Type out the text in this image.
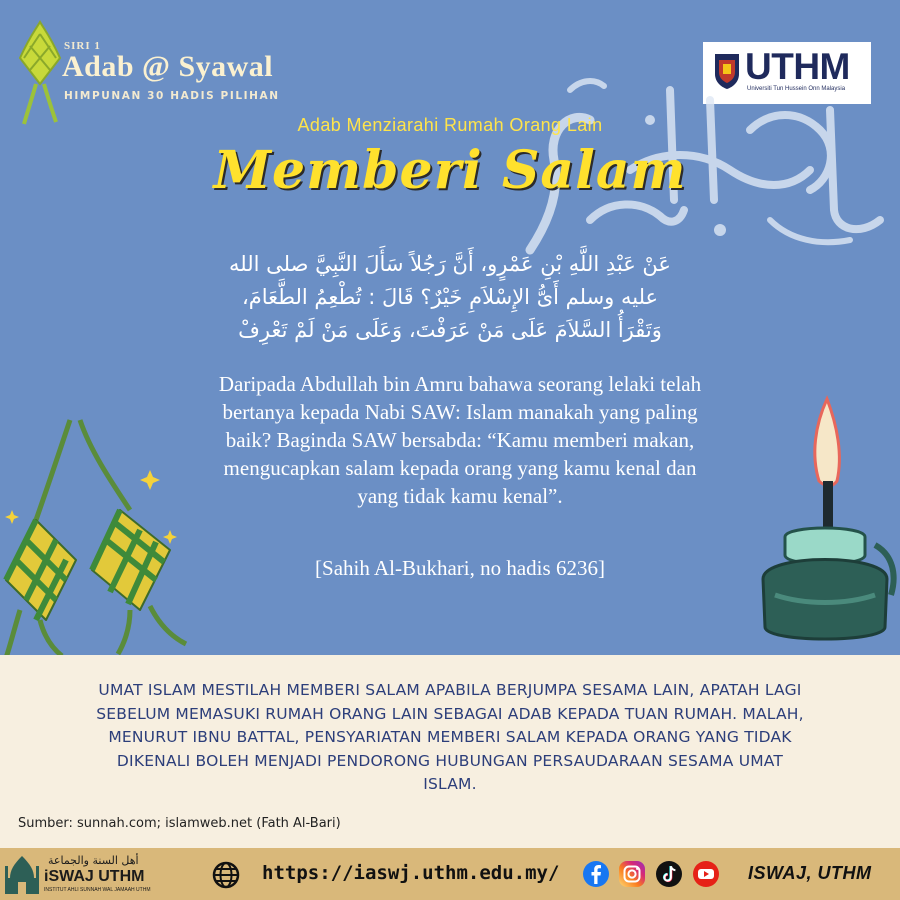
SIRI 1
Adab @ Syawal
HIMPUNAN 30 HADIS PILIHAN
UTHM
Universiti Tun Hussein Onn Malaysia
Adab Menziarahi Rumah Orang Lain
Memberi Salam
عَنْ عَبْدِ اللَّهِ بْنِ عَمْرٍو، أَنَّ رَجُلاً سَأَلَ النَّبِيَّ صلى الله
عليه وسلم أَىُّ الإِسْلاَمِ خَيْرٌ؟ قَالَ : تُطْعِمُ الطَّعَامَ،
وَتَقْرَأُ السَّلاَمَ عَلَى مَنْ عَرَفْتَ، وَعَلَى مَنْ لَمْ تَعْرِفْ
Daripada Abdullah bin Amru bahawa seorang lelaki telah
bertanya kepada Nabi SAW: Islam manakah yang paling
baik? Baginda SAW bersabda: “Kamu memberi makan,
mengucapkan salam kepada orang yang kamu kenal dan
yang tidak kamu kenal”.
[Sahih Al-Bukhari, no hadis 6236]
UMAT ISLAM MESTILAH MEMBERI SALAM APABILA BERJUMPA SESAMA LAIN, APATAH LAGI
SEBELUM MEMASUKI RUMAH ORANG LAIN SEBAGAI ADAB KEPADA TUAN RUMAH. MALAH,
MENURUT IBNU BATTAL, PENSYARIATAN MEMBERI SALAM KEPADA ORANG YANG TIDAK
DIKENALI BOLEH MENJADI PENDORONG HUBUNGAN PERSAUDARAAN SESAMA UMAT
ISLAM.
Sumber: sunnah.com; islamweb.net (Fath Al-Bari)
أهل السنة والجماعة
iSWAJ UTHM
INSTITUT AHLI SUNNAH WAL JAMAAH UTHM
https://iaswj.uthm.edu.my/	ISWAJ, UTHM
